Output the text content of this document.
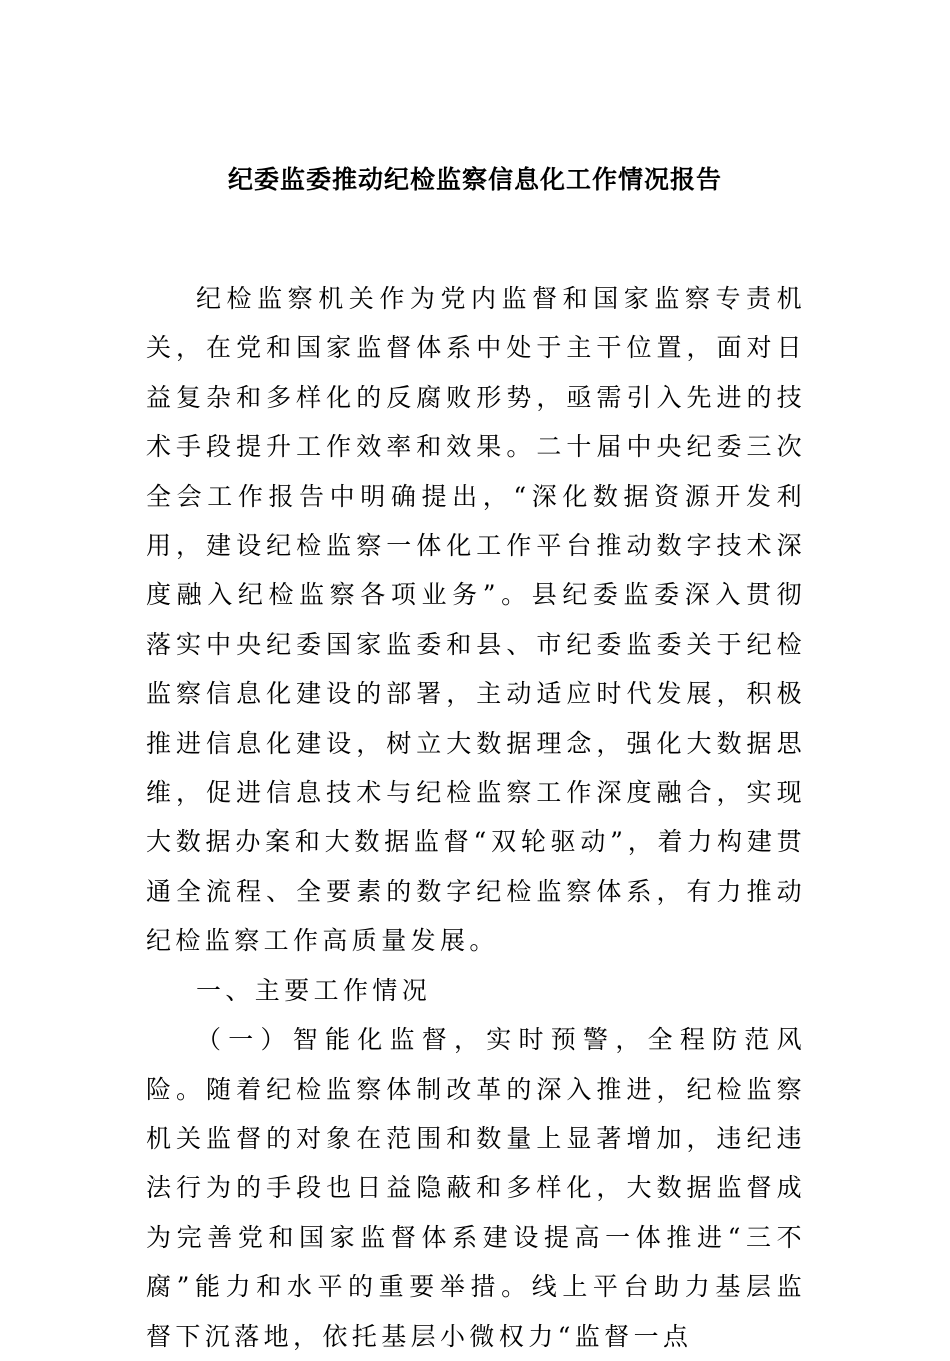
纪委监委推动纪检监察信息化工作情况报告

纪检监察机关作为党内监督和国家监察专责机关，在党和国家监督体系中处于主干位置，面对日益复杂和多样化的反腐败形势，亟需引入先进的技术手段提升工作效率和效果。二十届中央纪委三次全会工作报告中明确提出，“深化数据资源开发利用，建设纪检监察一体化工作平台推动数字技术深度融入纪检监察各项业务”。县纪委监委深入贯彻落实中央纪委国家监委和县、市纪委监委关于纪检监察信息化建设的部署，主动适应时代发展，积极推进信息化建设，树立大数据理念，强化大数据思维，促进信息技术与纪检监察工作深度融合，实现大数据办案和大数据监督“双轮驱动”，着力构建贯通全流程、全要素的数字纪检监察体系，有力推动纪检监察工作高质量发展。

一、主要工作情况

（一）智能化监督，实时预警，全程防范风险。随着纪检监察体制改革的深入推进，纪检监察机关监督的对象在范围和数量上显著增加，违纪违法行为的手段也日益隐蔽和多样化，大数据监督成为完善党和国家监督体系建设提高一体推进“三不腐”能力和水平的重要举措。线上平台助力基层监督下沉落地，依托基层小微权力“监督一点
